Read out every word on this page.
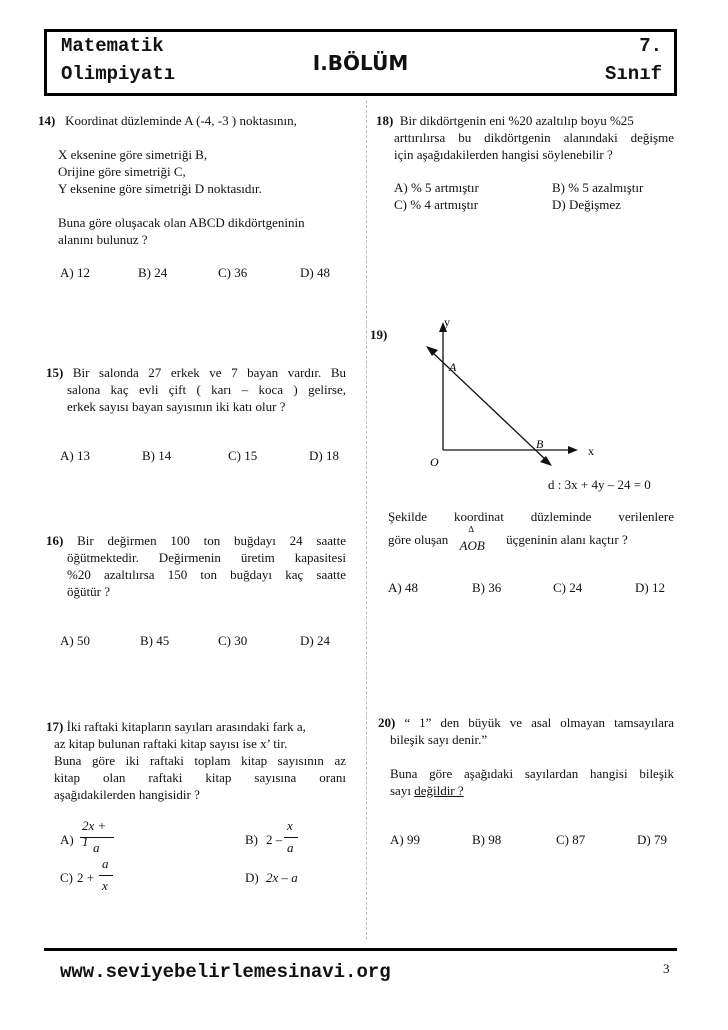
Matematik
Olimpiyatı	I.BÖLÜM
7.
Sınıf
14) Koordinat düzleminde A (-4, -3 ) noktasının,
X eksenine göre simetriği B,
Orijine göre simetriği C,
Y eksenine göre simetriği D noktasıdır.
Buna göre oluşacak olan ABCD dikdörtgeninin
alanını bulunuz ?
A) 12	B) 24	C) 36	D) 48
15) Bir salonda 27 erkek ve 7 bayan vardır. Bu
salona kaç evli çift ( karı – koca ) gelirse,
erkek sayısı bayan sayısının iki katı olur ?
A) 13	B) 14	C) 15	D) 18
16) Bir değirmen 100 ton buğdayı 24 saatte
öğütmektedir. Değirmenin üretim kapasitesi
%20 azaltılırsa 150 ton buğdayı kaç saatte
öğütür ?
A) 50	B) 45	C) 30	D) 24
17) İki raftaki kitapların sayıları arasındaki fark a,
az kitap bulunan raftaki kitap sayısı ise x’ tir.
Buna göre iki raftaki toplam kitap sayısının az
kitap olan raftaki kitap sayısına oranı
aşağıdakilerden hangisidir ?
A)
2x + 1 a
B) 2 –
x
a
C) 2 +
a
x
D) 2x – a
18) Bir dikdörtgenin eni %20 azaltılıp boyu %25
arttırılırsa bu dikdörtgenin alanındaki değişme
için aşağıdakilerden hangisi söylenebilir ?
A) % 5 artmıştır	B) % 5 azalmıştır
C) % 4 artmıştır	D) Değişmez
19)
y
x
A
B
O
d : 3x + 4y – 24 = 0
Şekilde koordinat düzleminde verilenlere
göre oluşan
∆
AOB üçgeninin alanı kaçtır ?
A) 48	B) 36	C) 24	D) 12
20) “ 1” den büyük ve asal olmayan tamsayılara
bileşik sayı denir.”
Buna göre aşağıdaki sayılardan hangisi bileşik
sayı değildir ?
A) 99	B) 98	C) 87	D) 79
www.seviyebelirlemesinavi.org	3
